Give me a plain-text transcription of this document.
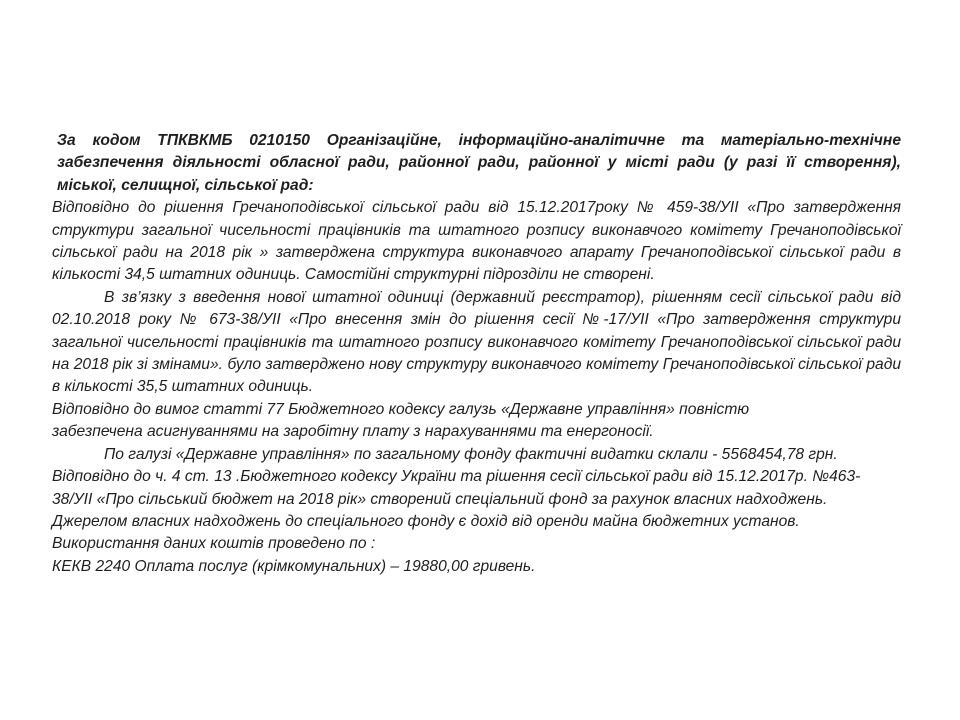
За кодом ТПКВКМБ 0210150 Організаційне, інформаційно-аналітичне та матеріально-технічне забезпечення діяльності обласної ради, районної ради, районної у місті ради (у разі її створення), міської, селищної, сільської рад:

Відповідно до рішення Гречаноподівської сільської ради від 15.12.2017року № 459-38/УІІ «Про затвердження структури загальної чисельності працівників та штатного розпису виконавчого комітету Гречаноподівської сільської ради на 2018 рік » затверджена структура виконавчого апарату Гречаноподівської сільської ради в кількості 34,5 штатних одиниць. Самостійні структурні підрозділи не створені.

В зв’язку з введення нової штатної одиниці (державний реєстратор), рішенням сесії сільської ради від 02.10.2018 року № 673-38/УІІ «Про внесення змін до рішення сесії №-17/УІІ «Про затвердження структури загальної чисельності працівників та штатного розпису виконавчого комітету Гречаноподівської сільської ради на 2018 рік зі змінами». було затверджено нову структуру виконавчого комітету Гречаноподівської сільської ради в кількості 35,5 штатних одиниць.

Відповідно до вимог статті 77 Бюджетного кодексу галузь «Державне управління» повністю забезпечена асигнуваннями на заробітну плату з нарахуваннями та енергоносії.

По галузі «Державне управління» по загальному фонду фактичні видатки склали - 5568454,78 грн.

Відповідно до ч. 4 ст. 13 .Бюджетного кодексу України та рішення сесії сільської ради від 15.12.2017р. №463-38/УІІ «Про сільський бюджет на 2018 рік» створений спеціальний фонд за рахунок власних надходжень. Джерелом власних надходжень до спеціального фонду є дохід від оренди майна бюджетних установ. Використання даних коштів проведено по :

КЕКВ 2240 Оплата послуг (крімкомунальних) – 19880,00 гривень.
